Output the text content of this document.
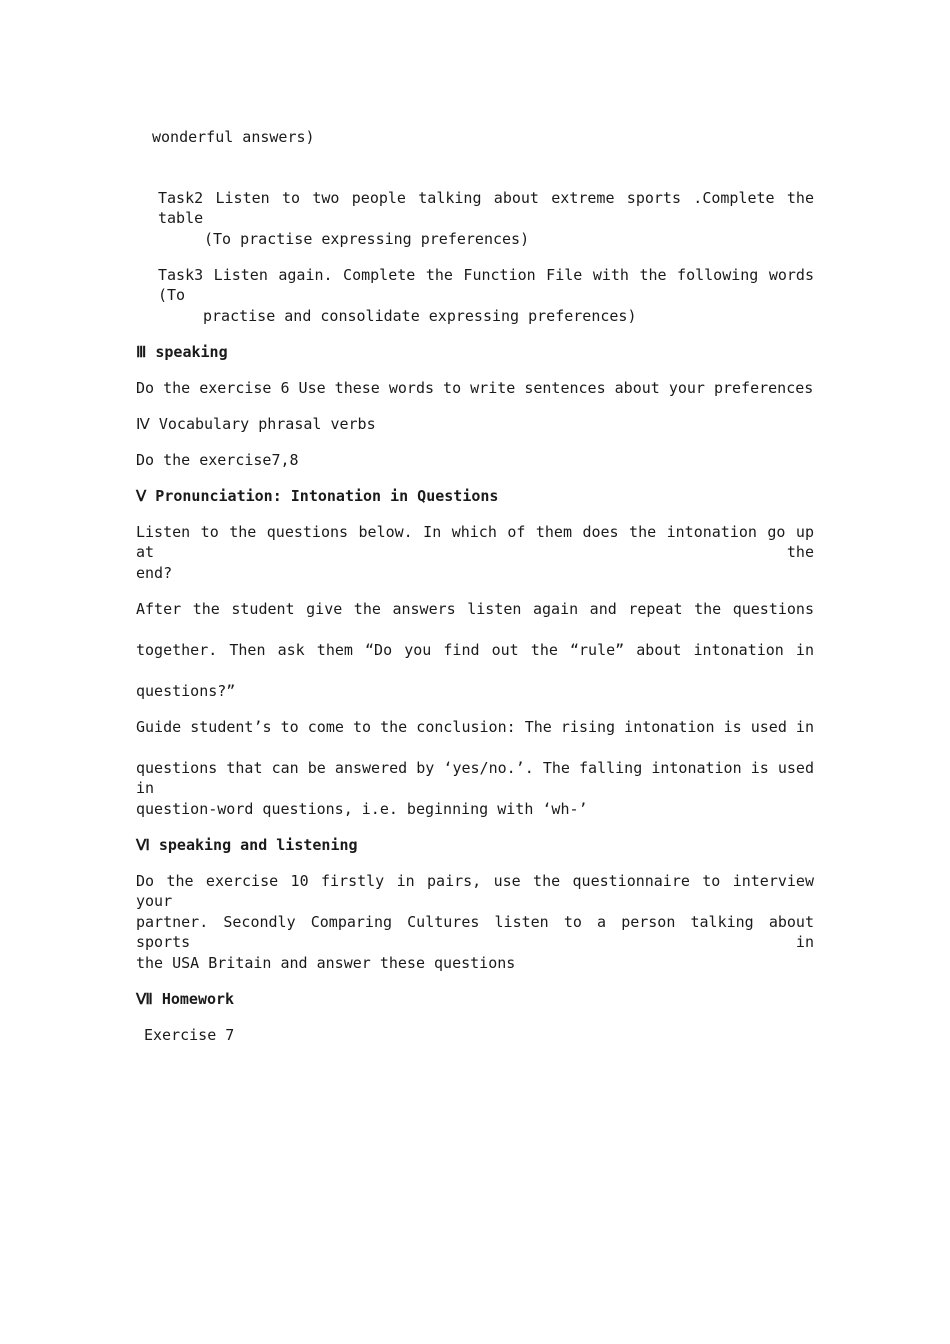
wonderful answers)
Task2 Listen to two people talking about extreme sports .Complete the table
(To practise expressing preferences)
Task3 Listen again. Complete the Function File with the following words (To
practise and consolidate expressing preferences)
Ⅲ speaking
Do the exercise 6 Use these words to write sentences about your preferences
Ⅳ Vocabulary phrasal verbs
Do the exercise7,8
Ⅴ Pronunciation: Intonation in Questions
Listen to the questions below. In which of them does the intonation go up at the
end?
After the student give the answers listen again and repeat the questions
together. Then ask them “Do you find out the “rule” about intonation in
questions?”
Guide student’s to come to the conclusion: The rising intonation is used in
questions that can be answered by ‘yes/no.’. The falling intonation is used in
question-word questions, i.e. beginning with ‘wh-’
Ⅵ speaking and listening
Do the exercise 10 firstly in pairs, use the questionnaire to interview your
partner. Secondly Comparing Cultures listen to a person talking about sports in
the USA Britain and answer these questions
Ⅶ Homework
Exercise 7
